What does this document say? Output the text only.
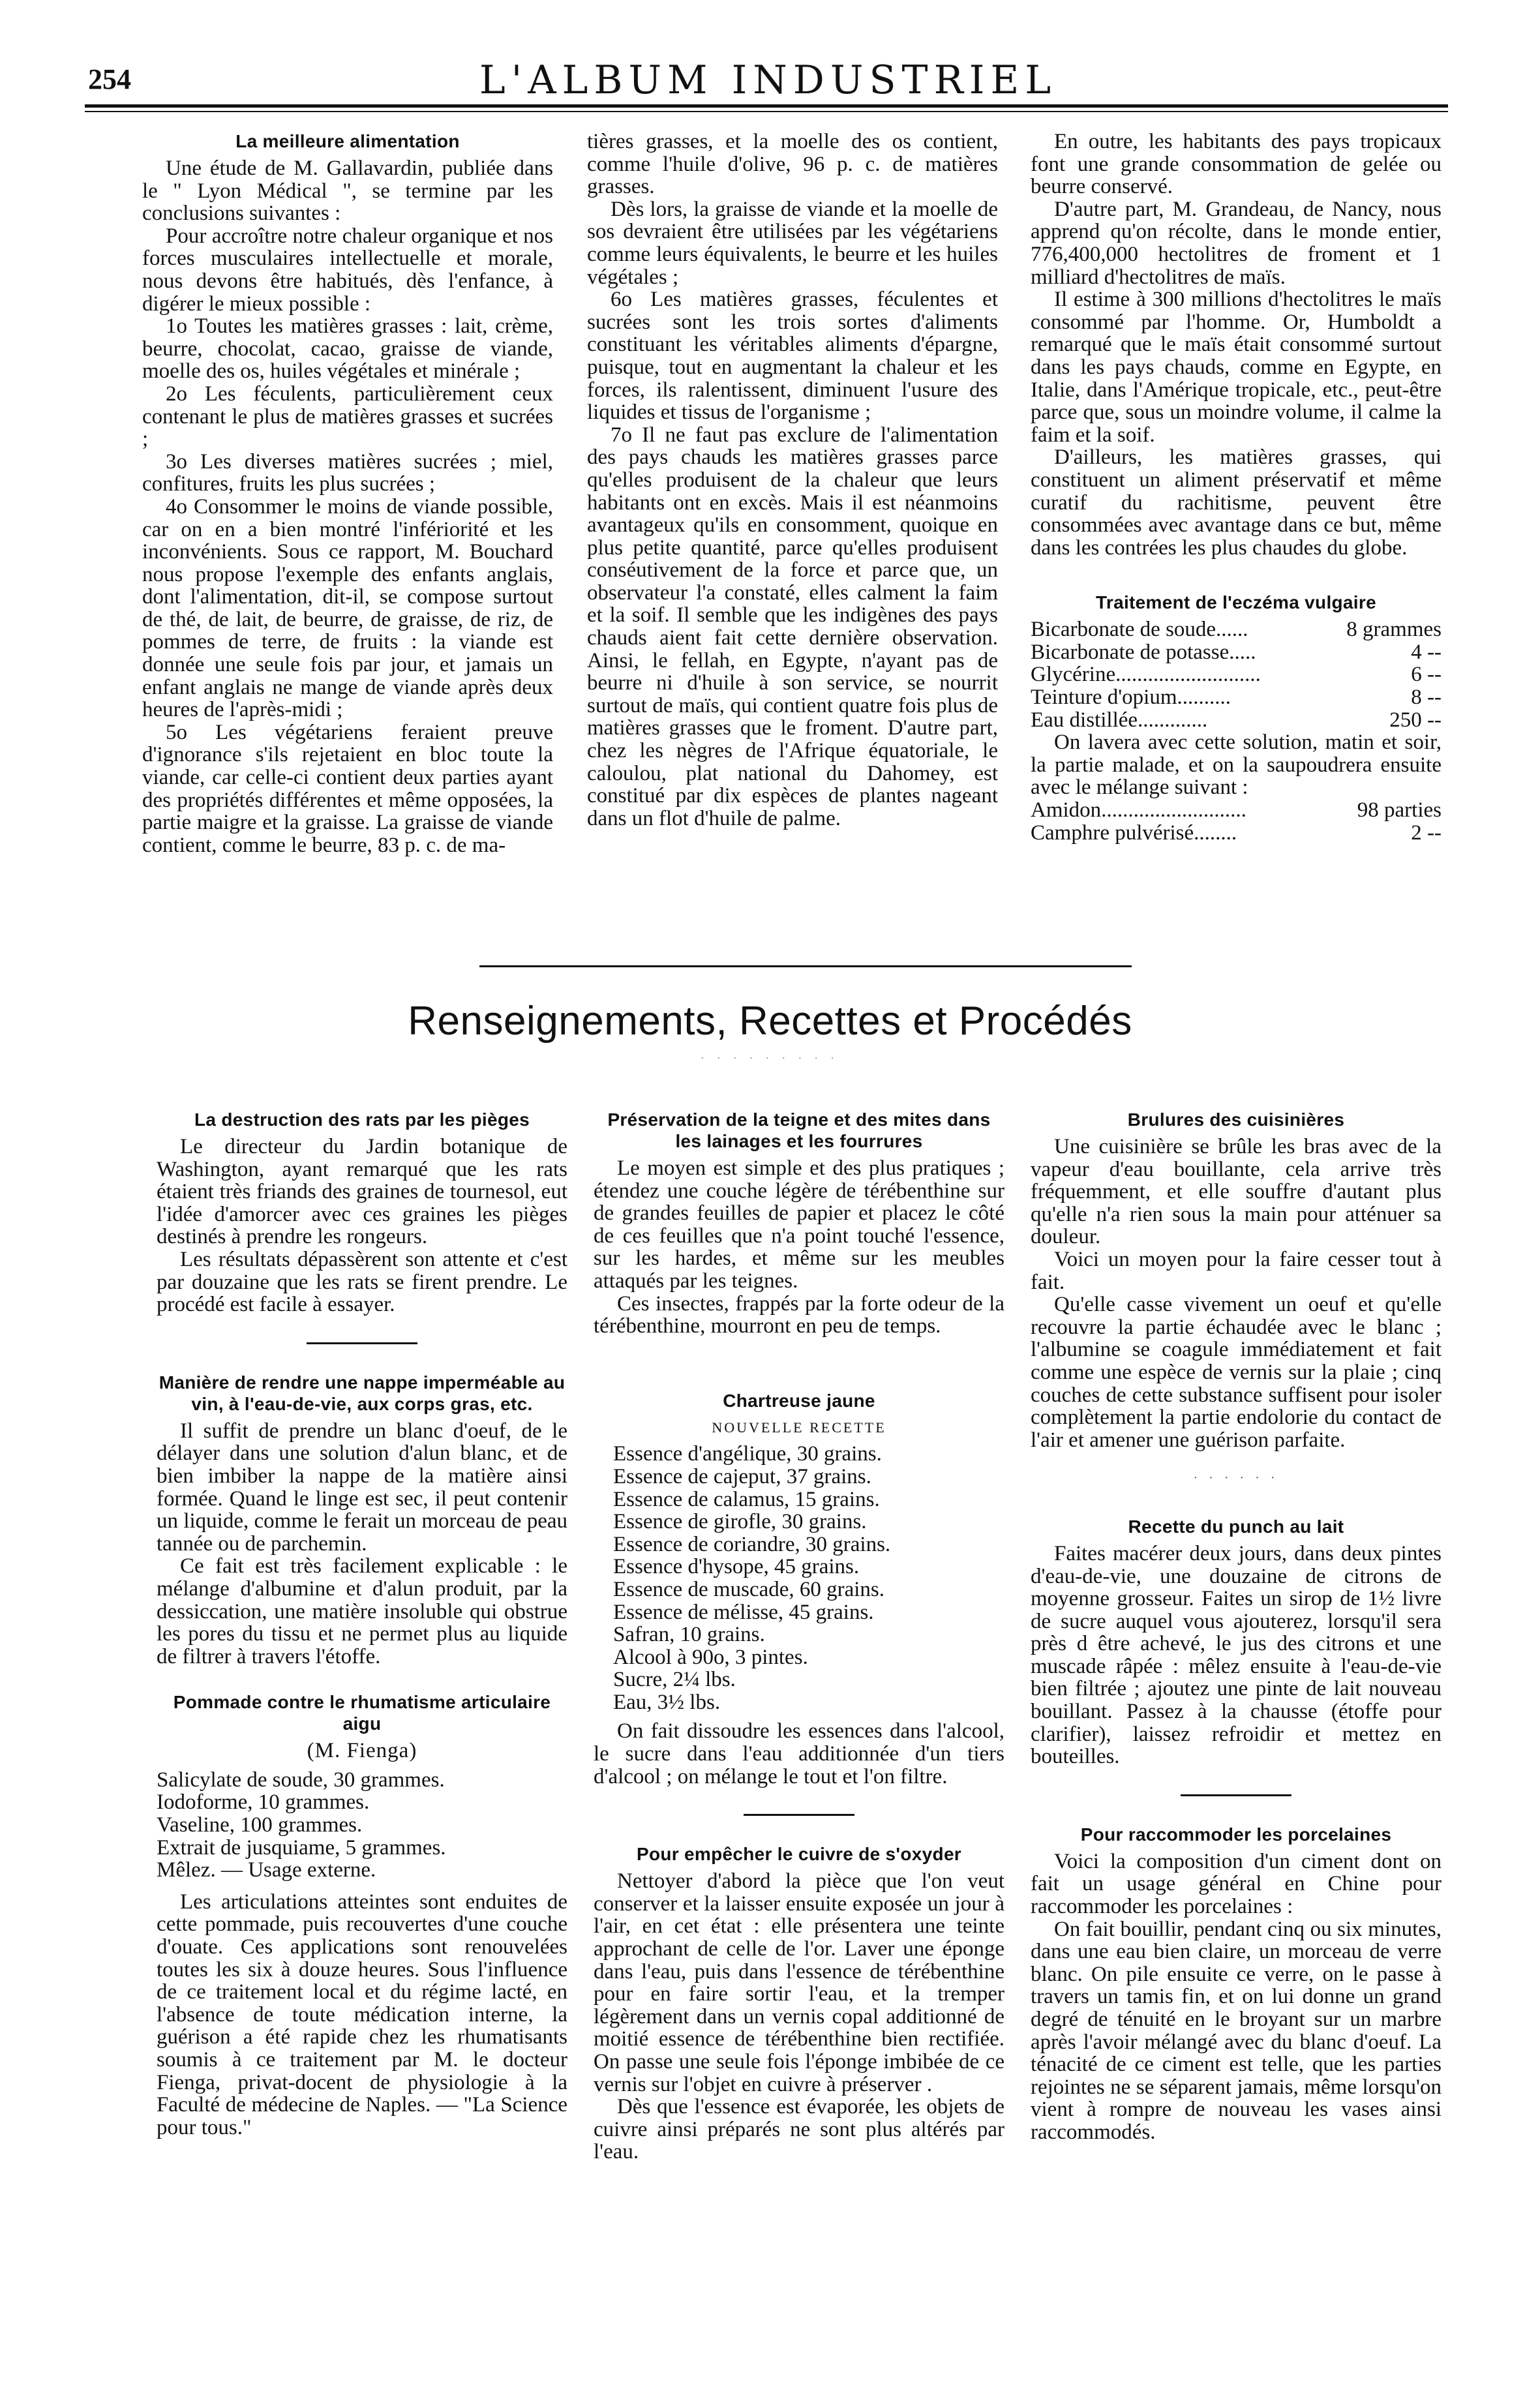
254	L'ALBUM INDUSTRIEL
La meilleure alimentation

Une étude de M. Gallavardin, publiée dans le " Lyon Médical ", se termine par les conclusions suivantes :

Pour accroître notre chaleur organique et nos forces musculaires intellectuelle et morale, nous devons être habitués, dès l'enfance, à digérer le mieux possible :

1o Toutes les matières grasses : lait, crème, beurre, chocolat, cacao, graisse de viande, moelle des os, huiles végétales et minérale ;

2o Les féculents, particulièrement ceux contenant le plus de matières grasses et sucrées ;

3o Les diverses matières sucrées ; miel, confitures, fruits les plus sucrées ;

4o Consommer le moins de viande possible, car on en a bien montré l'infériorité et les inconvénients. Sous ce rapport, M. Bouchard nous propose l'exemple des enfants anglais, dont l'alimentation, dit-il, se compose surtout de thé, de lait, de beurre, de graisse, de riz, de pommes de terre, de fruits : la viande est donnée une seule fois par jour, et jamais un enfant anglais ne mange de viande après deux heures de l'après-midi ;

5o Les végétariens feraient preuve d'ignorance s'ils rejetaient en bloc toute la viande, car celle-ci contient deux parties ayant des propriétés différentes et même opposées, la partie maigre et la graisse. La graisse de viande contient, comme le beurre, 83 p. c. de ma-

tières grasses, et la moelle des os contient, comme l'huile d'olive, 96 p. c. de matières grasses.

Dès lors, la graisse de viande et la moelle de sos devraient être utilisées par les végétariens comme leurs équivalents, le beurre et les huiles végétales ;

6o Les matières grasses, féculentes et sucrées sont les trois sortes d'aliments constituant les véritables aliments d'épargne, puisque, tout en augmentant la chaleur et les forces, ils ralentissent, diminuent l'usure des liquides et tissus de l'organisme ;

7o Il ne faut pas exclure de l'alimentation des pays chauds les matières grasses parce qu'elles produisent de la chaleur que leurs habitants ont en excès. Mais il est néanmoins avantageux qu'ils en consomment, quoique en plus petite quantité, parce qu'elles produisent conséutivement de la force et parce que, un observateur l'a constaté, elles calment la faim et la soif. Il semble que les indigènes des pays chauds aient fait cette dernière observation. Ainsi, le fellah, en Egypte, n'ayant pas de beurre ni d'huile à son service, se nourrit surtout de maïs, qui contient quatre fois plus de matières grasses que le froment. D'autre part, chez les nègres de l'Afrique équatoriale, le caloulou, plat national du Dahomey, est constitué par dix espèces de plantes nageant dans un flot d'huile de palme.

En outre, les habitants des pays tropicaux font une grande consommation de gelée ou beurre conservé.

D'autre part, M. Grandeau, de Nancy, nous apprend qu'on récolte, dans le monde entier, 776,400,000 hectolitres de froment et 1 milliard d'hectolitres de maïs.

Il estime à 300 millions d'hectolitres le maïs consommé par l'homme. Or, Humboldt a remarqué que le maïs était consommé surtout dans les pays chauds, comme en Egypte, en Italie, dans l'Amérique tropicale, etc., peut-être parce que, sous un moindre volume, il calme la faim et la soif.

D'ailleurs, les matières grasses, qui constituent un aliment préservatif et même curatif du rachitisme, peuvent être consommées avec avantage dans ce but, même dans les contrées les plus chaudes du globe.

Traitement de l'eczéma vulgaire
Bicarbonate de soude......	8 grammes
Bicarbonate de potasse.....	4 --
Glycérine...........................	6 --
Teinture d'opium..........	8 --
Eau distillée.............	250 --

On lavera avec cette solution, matin et soir, la partie malade, et on la saupoudrera ensuite avec le mélange suivant :

Amidon...........................	98 parties
Camphre pulvérisé........	2 --
Renseignements, Recettes et Procédés
· · · · · · · · ·
La destruction des rats par les pièges

Le directeur du Jardin botanique de Washington, ayant remarqué que les rats étaient très friands des graines de tournesol, eut l'idée d'amorcer avec ces graines les pièges destinés à prendre les rongeurs.

Les résultats dépassèrent son attente et c'est par douzaine que les rats se firent prendre. Le procédé est facile à essayer.

Manière de rendre une nappe imperméable au vin, à l'eau-de-vie, aux corps gras, etc.

Il suffit de prendre un blanc d'oeuf, de le délayer dans une solution d'alun blanc, et de bien imbiber la nappe de la matière ainsi formée. Quand le linge est sec, il peut contenir un liquide, comme le ferait un morceau de peau tannée ou de parchemin.

Ce fait est très facilement explicable : le mélange d'albumine et d'alun produit, par la dessiccation, une matière insoluble qui obstrue les pores du tissu et ne permet plus au liquide de filtrer à travers l'étoffe.

Pommade contre le rhumatisme articulaire aigu
(M. Fienga)
Salicylate de soude, 30 grammes.
Iodoforme, 10 grammes.
Vaseline, 100 grammes.
Extrait de jusquiame, 5 grammes.
Mêlez. — Usage externe.

Les articulations atteintes sont enduites de cette pommade, puis recouvertes d'une couche d'ouate. Ces applications sont renouvelées toutes les six à douze heures. Sous l'influence de ce traitement local et du régime lacté, en l'absence de toute médication interne, la guérison a été rapide chez les rhumatisants soumis à ce traitement par M. le docteur Fienga, privat-docent de physiologie à la Faculté de médecine de Naples. — "La Science pour tous."

Préservation de la teigne et des mites dans les lainages et les fourrures

Le moyen est simple et des plus pratiques ; étendez une couche légère de térébenthine sur de grandes feuilles de papier et placez le côté de ces feuilles que n'a point touché l'essence, sur les hardes, et même sur les meubles attaqués par les teignes.

Ces insectes, frappés par la forte odeur de la térébenthine, mourront en peu de temps.

Chartreuse jaune
NOUVELLE RECETTE
Essence d'angélique, 30 grains.
Essence de cajeput, 37 grains.
Essence de calamus, 15 grains.
Essence de girofle, 30 grains.
Essence de coriandre, 30 grains.
Essence d'hysope, 45 grains.
Essence de muscade, 60 grains.
Essence de mélisse, 45 grains.
Safran, 10 grains.
Alcool à 90o, 3 pintes.
Sucre, 2¼ lbs.
Eau, 3½ lbs.

On fait dissoudre les essences dans l'alcool, le sucre dans l'eau additionnée d'un tiers d'alcool ; on mélange le tout et l'on filtre.

Pour empêcher le cuivre de s'oxyder

Nettoyer d'abord la pièce que l'on veut conserver et la laisser ensuite exposée un jour à l'air, en cet état : elle présentera une teinte approchant de celle de l'or. Laver une éponge dans l'eau, puis dans l'essence de térébenthine pour en faire sortir l'eau, et la tremper légèrement dans un vernis copal additionné de moitié essence de térébenthine bien rectifiée. On passe une seule fois l'éponge imbibée de ce vernis sur l'objet en cuivre à préserver .

Dès que l'essence est évaporée, les objets de cuivre ainsi préparés ne sont plus altérés par l'eau.

Brulures des cuisinières

Une cuisinière se brûle les bras avec de la vapeur d'eau bouillante, cela arrive très fréquemment, et elle souffre d'autant plus qu'elle n'a rien sous la main pour atténuer sa douleur.

Voici un moyen pour la faire cesser tout à fait.

Qu'elle casse vivement un oeuf et qu'elle recouvre la partie échaudée avec le blanc ; l'albumine se coagule immédiatement et fait comme une espèce de vernis sur la plaie ; cinq couches de cette substance suffisent pour isoler complètement la partie endolorie du contact de l'air et amener une guérison parfaite.

· · · · · ·
Recette du punch au lait

Faites macérer deux jours, dans deux pintes d'eau-de-vie, une douzaine de citrons de moyenne grosseur. Faites un sirop de 1½ livre de sucre auquel vous ajouterez, lorsqu'il sera près d être achevé, le jus des citrons et une muscade râpée : mêlez ensuite à l'eau-de-vie bien filtrée ; ajoutez une pinte de lait nouveau bouillant. Passez à la chausse (étoffe pour clarifier), laissez refroidir et mettez en bouteilles.

Pour raccommoder les porcelaines

Voici la composition d'un ciment dont on fait un usage général en Chine pour raccommoder les porcelaines :

On fait bouillir, pendant cinq ou six minutes, dans une eau bien claire, un morceau de verre blanc. On pile ensuite ce verre, on le passe à travers un tamis fin, et on lui donne un grand degré de ténuité en le broyant sur un marbre après l'avoir mélangé avec du blanc d'oeuf. La ténacité de ce ciment est telle, que les parties rejointes ne se séparent jamais, même lorsqu'on vient à rompre de nouveau les vases ainsi raccommodés.
